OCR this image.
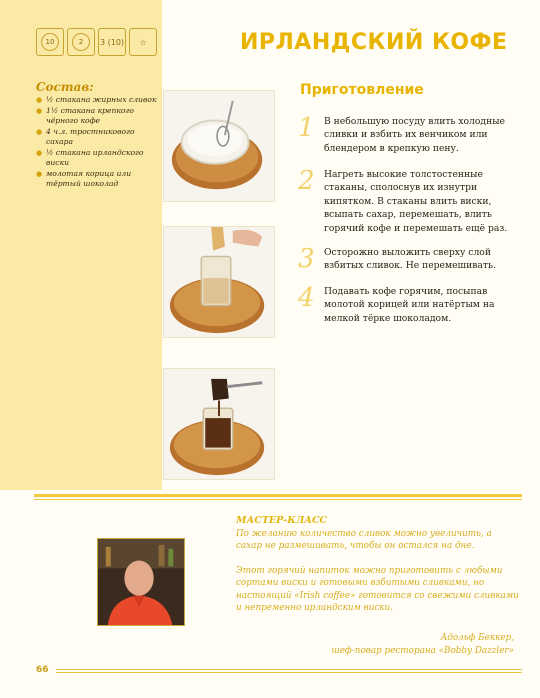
10	2 3 (10) ☆	ИРЛАНДСКИЙ КОФЕ
Состав:
● ½ стакана жирных сливок
● 1½ стакана крепкого чёрного кофе
● 4 ч.л. тростникового сахара
● ½ стакана ирландского виски
● молотая корица или тёртый шоколад
Приготовление
1 В небольшую посуду влить холодные сливки и взбить их венчиком или блендером в крепкую пену.

2 Нагреть высокие толстостенные стаканы, сполоснув их изнутри кипятком. В стаканы влить виски, всыпать сахар, перемешать, влить горячий кофе и перемешать ещё раз.

3 Осторожно выложить сверху слой взбитых сливок. Не перемешивать.

4 Подавать кофе горячим, посыпав молотой корицей или натёртым на мелкой тёрке шоколадом.

МАСТЕР-КЛАСС

По желанию количество сливок можно увеличить, а сахар не размешивать, чтобы он остался на дне.

Этот горячий напиток можно приготовить с любыми сортами виски и готовыми взбитыми сливками, но настоящий «Irish coffee» готовится со свежими сливками и непременно ирландским виски.

Адольф Беккер,

шеф-повар ресторана «Bobby Dazzler»

66
